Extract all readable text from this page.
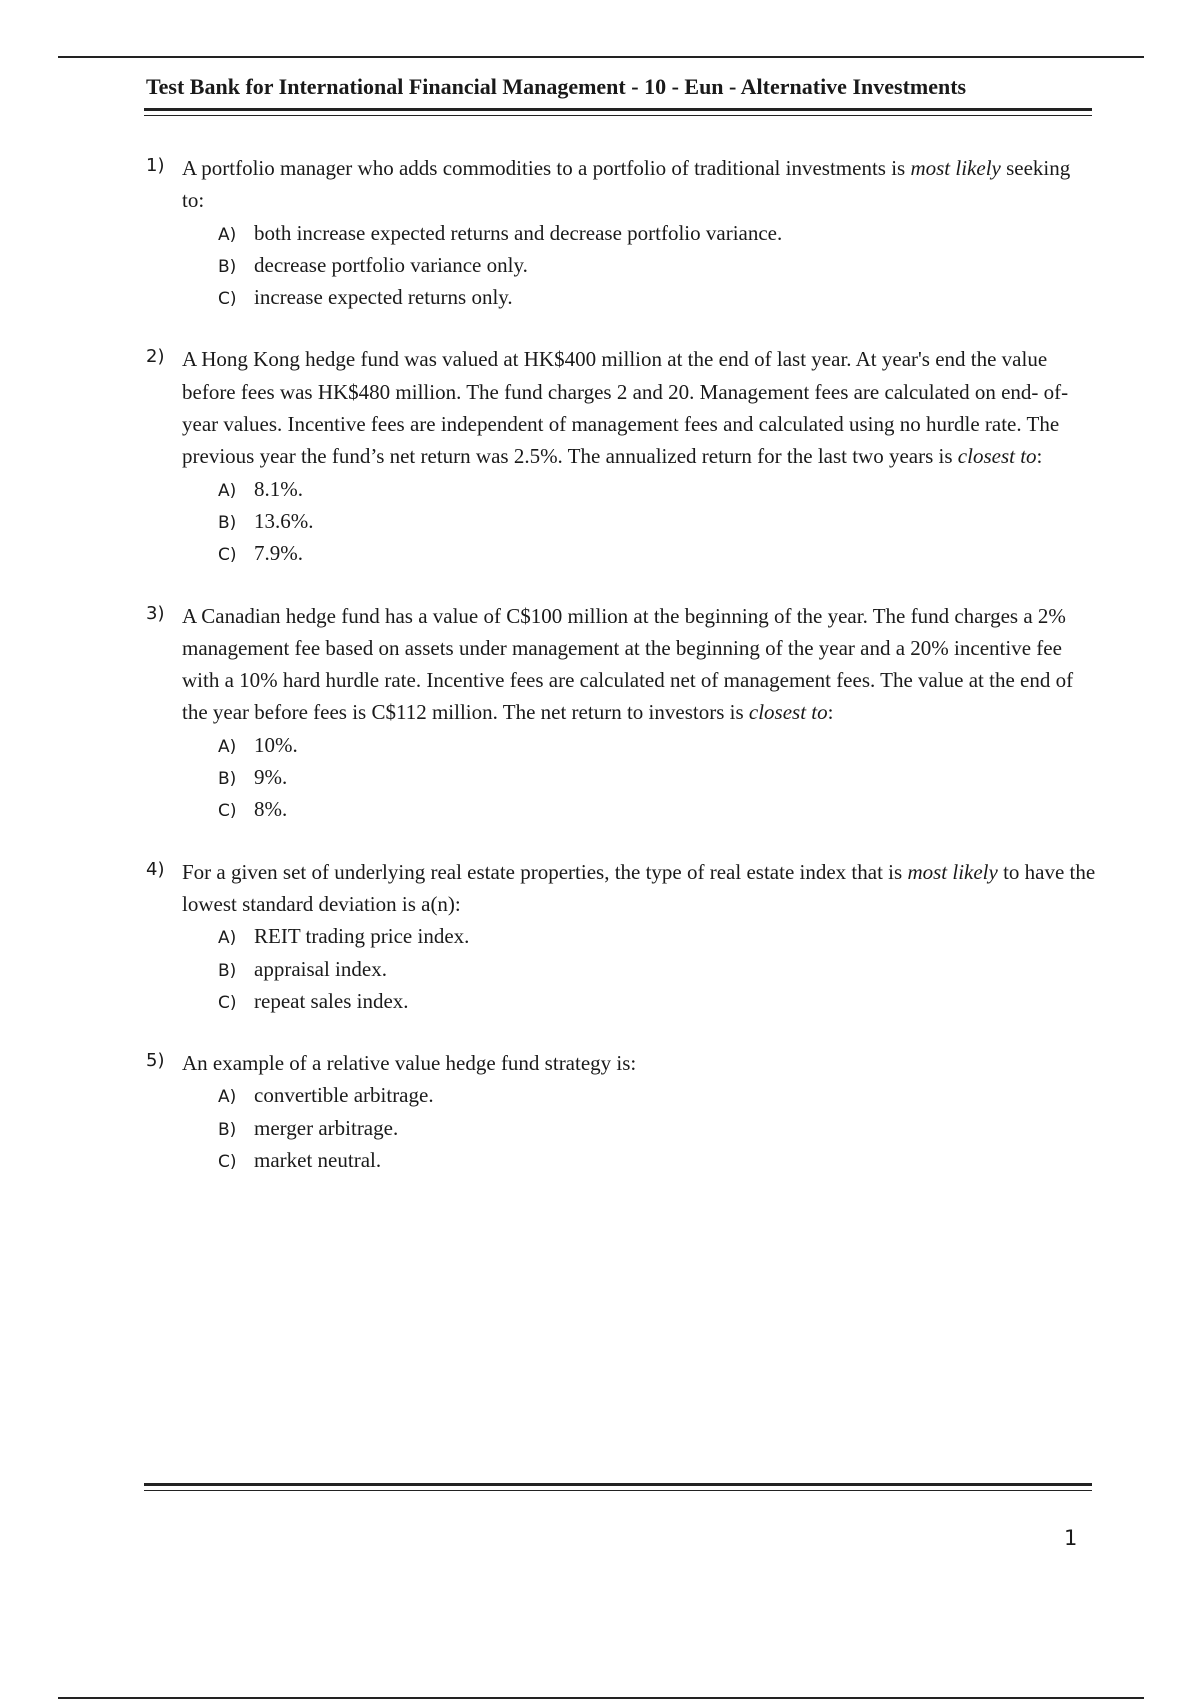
Test Bank for International Financial Management - 10 - Eun - Alternative Investments
1) A portfolio manager who adds commodities to a portfolio of traditional investments is most likely seeking to:
A) both increase expected returns and decrease portfolio variance.
B) decrease portfolio variance only.
C) increase expected returns only.
2) A Hong Kong hedge fund was valued at HK$400 million at the end of last year. At year's end the value before fees was HK$480 million. The fund charges 2 and 20. Management fees are calculated on end- of-year values. Incentive fees are independent of management fees and calculated using no hurdle rate. The previous year the fund’s net return was 2.5%. The annualized return for the last two years is closest to:
A) 8.1%.
B) 13.6%.
C) 7.9%.
3) A Canadian hedge fund has a value of C$100 million at the beginning of the year. The fund charges a 2% management fee based on assets under management at the beginning of the year and a 20% incentive fee with a 10% hard hurdle rate. Incentive fees are calculated net of management fees. The value at the end of the year before fees is C$112 million. The net return to investors is closest to:
A) 10%.
B) 9%.
C) 8%.
4) For a given set of underlying real estate properties, the type of real estate index that is most likely to have the lowest standard deviation is a(n):
A) REIT trading price index.
B) appraisal index.
C) repeat sales index.
5) An example of a relative value hedge fund strategy is:
A) convertible arbitrage.
B) merger arbitrage.
C) market neutral.
1
